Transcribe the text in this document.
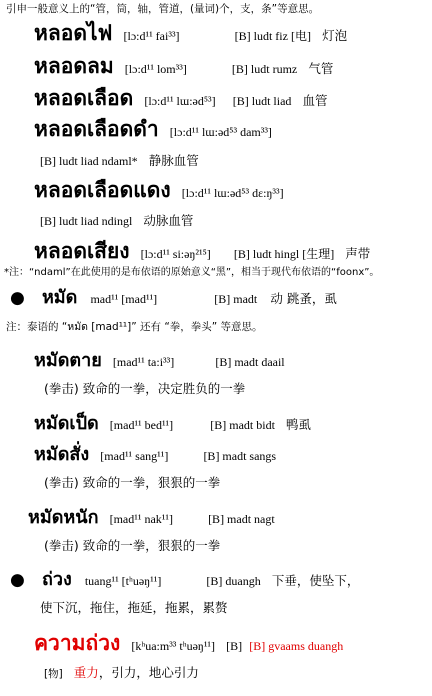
引申一般意义上的“管，筒，轴，管道，(量词)个，支，条”等意思。
หลอดไฟ [lɔ:d¹¹ fai³³]	[B] ludt fiz [电] 灯泡
หลอดลม [lɔ:d¹¹ lom³³]	[B] ludt rumz 气管
หลอดเลือด [lɔ:d¹¹ lɯ:əd⁵³] [B] ludt liad 血管
หลอดเลือดดำ [lɔ:d¹¹ lɯ:əd⁵³ dam³³]
[B] ludt liad ndaml* 静脉血管
หลอดเลือดแดง [lɔ:d¹¹ lɯ:əd⁵³ dɛ:ŋ³³]
[B] ludt liad ndingl 动脉血管
หลอดเสียง [lɔ:d¹¹ si:əŋ²¹⁵] [B] ludt hingl [生理] 声带
*注：“ndaml”在此使用的是布依语的原始意义“黑”，相当于现代布依语的“foonx”。
● หมัด mad¹¹ [mad¹¹]	[B] madt 动 跳蚤，虱
注：泰语的 “หมัด [mad¹¹]” 还有 “拳，拳头” 等意思。
หมัดตาย [mad¹¹ ta:i³³]	[B] madt daail
(拳击) 致命的一拳，决定胜负的一拳
หมัดเป็ด [mad¹¹ bed¹¹]	[B] madt bidt 鸭虱
หมัดสั่ง [mad¹¹ sang¹¹]	[B] madt sangs
(拳击) 致命的一拳，狠狠的一拳
หมัดหนัก [mad¹¹ nak¹¹]	[B] madt nagt
(拳击) 致命的一拳，狠狠的一拳
● ถ่วง tuang¹¹ [tʰuəŋ¹¹]	[B] duangh 下垂，使坠下，
使下沉，拖住，拖延，拖累，累赘
ความถ่วง [kʰua:m³³ tʰuəŋ¹¹] [B] [B] gvaams duangh
[物] 重力，引力，地心引力
